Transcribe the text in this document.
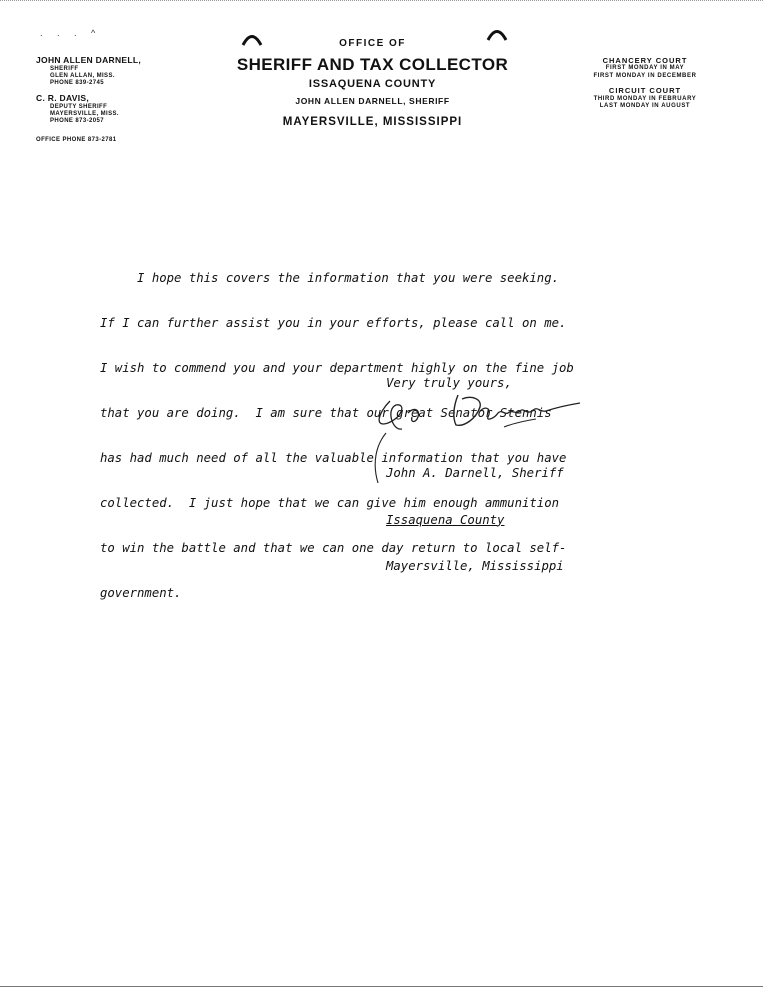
. . . ^
JOHN ALLEN DARNELL,
SHERIFF
GLEN ALLAN, MISS.
PHONE 839-2745
C. R. DAVIS,
DEPUTY SHERIFF
MAYERSVILLE, MISS.
PHONE 873-2057
OFFICE PHONE 873-2781
OFFICE OF
SHERIFF AND TAX COLLECTOR
ISSAQUENA COUNTY
JOHN ALLEN DARNELL, SHERIFF
MAYERSVILLE, MISSISSIPPI
CHANCERY COURT
FIRST MONDAY IN MAY
FIRST MONDAY IN DECEMBER
CIRCUIT COURT
THIRD MONDAY IN FEBRUARY
LAST MONDAY IN AUGUST

I hope this covers the information that you were seeking.

If I can further assist you in your efforts, please call on me.

I wish to commend you and your department highly on the fine job

that you are doing.  I am sure that our great Senator Stennis

has had much need of all the valuable information that you have

collected.  I just hope that we can give him enough ammunition

to win the battle and that we can one day return to local self-

government.

Very truly yours,

John A. Darnell, Sheriff

Issaquena County

Mayersville, Mississippi
